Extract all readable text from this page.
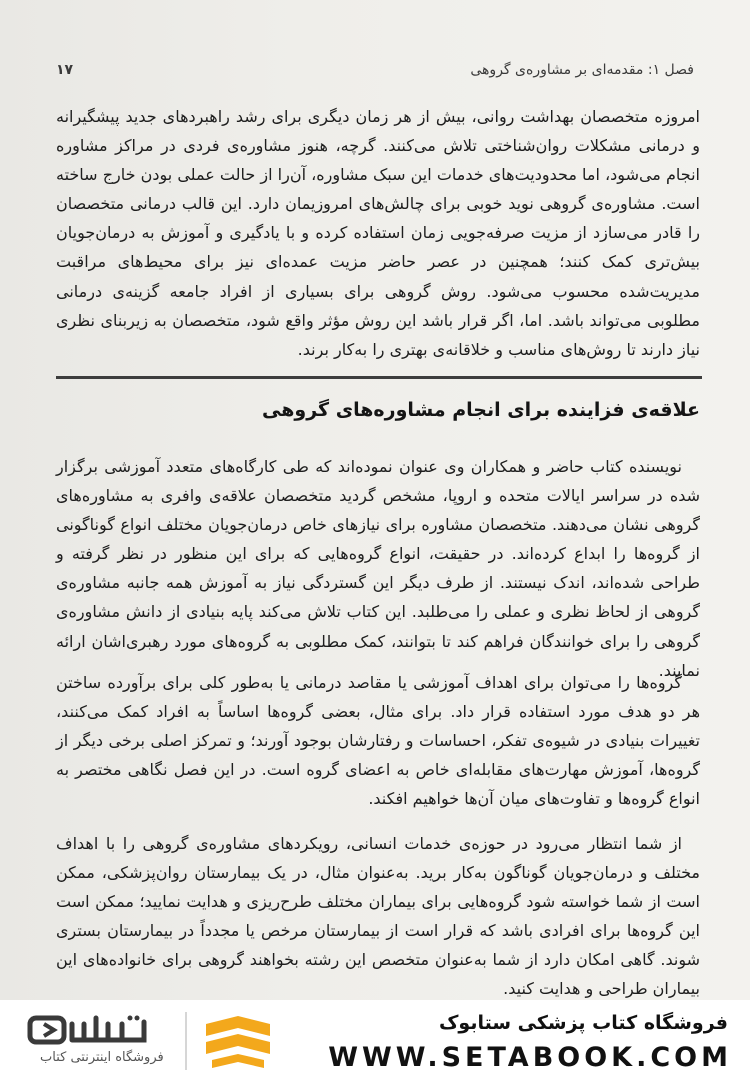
فصل ۱: مقدمه‌ای بر مشاوره‌ی گروهی
۱۷

امروزه متخصصان بهداشت روانی، بیش از هر زمان دیگری برای رشد راهبردهای جدید پیشگیرانه و درمانی مشکلات روان‌شناختی تلاش می‌کنند. گرچه، هنوز مشاوره‌ی فردی در مراکز مشاوره انجام می‌شود، اما محدودیت‌های خدمات این سبک مشاوره، آن‌را از حالت عملی بودن خارج ساخته است. مشاوره‌ی گروهی نوید خوبی برای چالش‌های امروزیمان دارد. این قالب درمانی متخصصان را قادر می‌سازد از مزیت صرفه‌جویی زمان استفاده کرده و با یادگیری و آموزش به درمان‌جویان بیش‌تری کمک کنند؛ همچنین در عصر حاضر مزیت عمده‌ای نیز برای محیط‌های مراقبت مدیریت‌شده محسوب می‌شود. روش گروهی برای بسیاری از افراد جامعه گزینه‌ی درمانی مطلوبی می‌تواند باشد. اما، اگر قرار باشد این روش مؤثر واقع شود، متخصصان به زیربنای نظری نیاز دارند تا روش‌های مناسب و خلاقانه‌ی بهتری را به‌کار برند.

علاقه‌ی فزاینده برای انجام مشاوره‌های گروهی

نویسنده کتاب حاضر و همکاران وی عنوان نموده‌اند که طی کارگاه‌های متعدد آموزشی برگزار شده در سراسر ایالات متحده و اروپا، مشخص گردید متخصصان علاقه‌ی وافری به مشاوره‌های گروهی نشان می‌دهند. متخصصان مشاوره برای نیازهای خاص درمان‌جویان مختلف انواع گوناگونی از گروه‌ها را ابداع کرده‌اند. در حقیقت، انواع گروه‌هایی که برای این منظور در نظر گرفته و طراحی شده‌اند، اندک نیستند. از طرف دیگر این گستردگی نیاز به آموزش همه جانبه مشاوره‌ی گروهی از لحاظ نظری و عملی را می‌طلبد. این کتاب تلاش می‌کند پایه بنیادی از دانش مشاوره‌ی گروهی را برای خوانندگان فراهم کند تا بتوانند، کمک مطلوبی به گروه‌های مورد رهبری‌اشان ارائه نمایند.

گروه‌ها را می‌توان برای اهداف آموزشی یا مقاصد درمانی یا به‌طور کلی برای برآورده ساختن هر دو هدف مورد استفاده قرار داد. برای مثال، بعضی گروه‌ها اساساً به افراد کمک می‌کنند، تغییرات بنیادی در شیوه‌ی تفکر، احساسات و رفتارشان بوجود آورند؛ و تمرکز اصلی برخی دیگر از گروه‌ها، آموزش مهارت‌های مقابله‌ای خاص به اعضای گروه است. در این فصل نگاهی مختصر به انواع گروه‌ها و تفاوت‌های میان آن‌ها خواهیم افکند.

از شما انتظار می‌رود در حوزه‌ی خدمات انسانی، رویکردهای مشاوره‌ی گروهی را با اهداف مختلف و درمان‌جویان گوناگون به‌کار برید. به‌عنوان مثال، در یک بیمارستان روان‌پزشکی، ممکن است از شما خواسته شود گروه‌هایی برای بیماران مختلف طرح‌ریزی و هدایت نمایید؛ ممکن است این گروه‌ها برای افرادی باشد که قرار است از بیمارستان مرخص یا مجدداً در بیمارستان بستری شوند. گاهی امکان دارد از شما به‌عنوان متخصص این رشته بخواهند گروهی برای خانواده‌های این بیماران طراحی و هدایت کنید.

فروشگاه اینترنتی کتاب
فروشگاه کتاب پزشکی ستابوک
WWW.SETABOOK.COM
